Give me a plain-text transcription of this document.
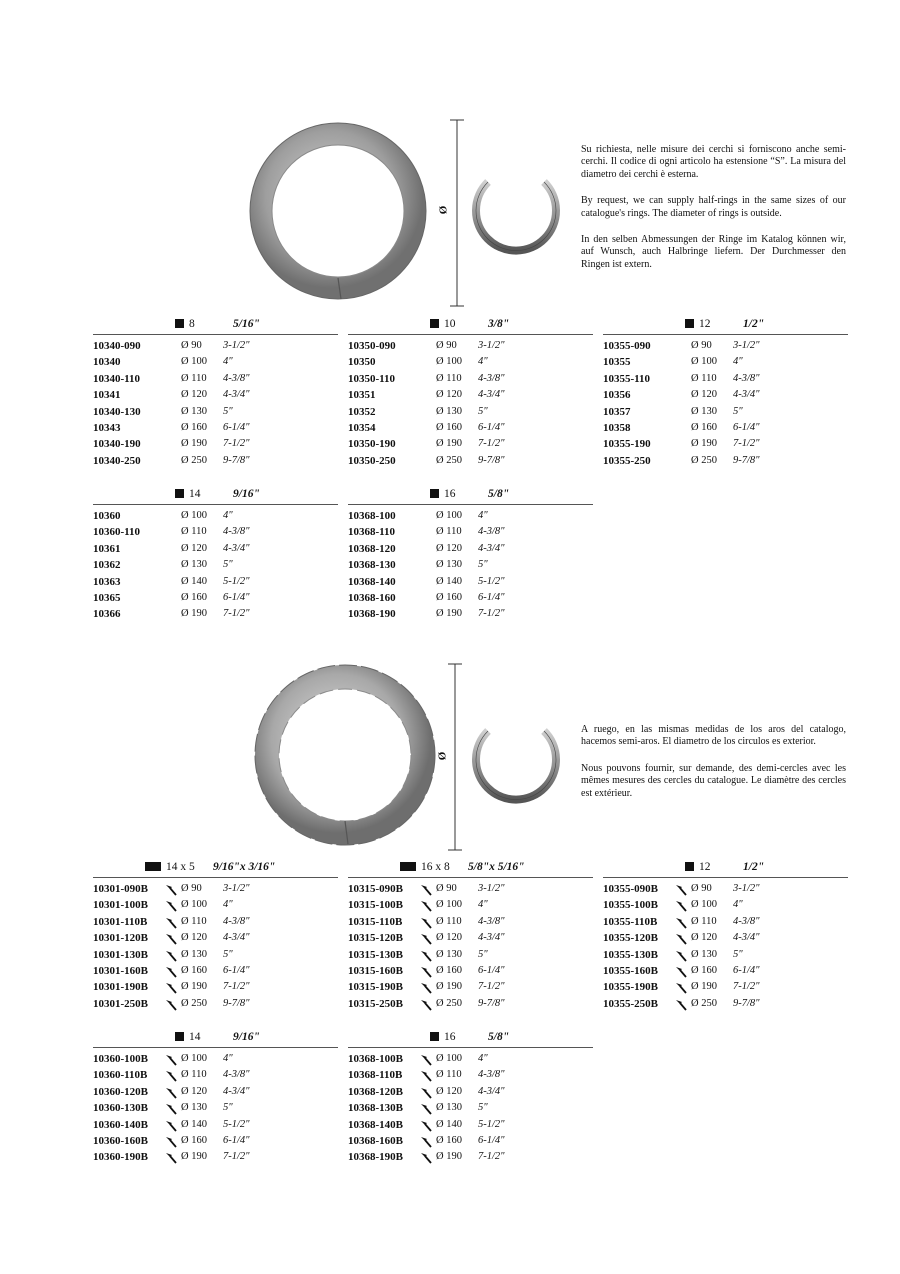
Ø

Su richiesta, nelle misure dei cerchi si forniscono anche semi-cerchi. Il codice di ogni articolo ha estensione “S”. La misura del diametro dei cerchi è esterna.

By request, we can supply half-rings in the same sizes of our catalogue's rings. The diameter of rings is outside.

In den selben Abmessungen der Ringe im Katalog können wir, auf Wunsch, auch Halbringe liefern. Der Durchmesser den Ringen ist extern.

8	5/16"
10340-090	Ø 90 3-1/2"
10340	Ø 100 4"
10340-110	Ø 110 4-3/8"
10341	Ø 120 4-3/4"
10340-130	Ø 130 5"
10343	Ø 160 6-1/4"
10340-190	Ø 190 7-1/2"
10340-250	Ø 250 9-7/8"
10	3/8"
10350-090	Ø 90 3-1/2"
10350	Ø 100 4"
10350-110	Ø 110 4-3/8"
10351	Ø 120 4-3/4"
10352	Ø 130 5"
10354	Ø 160 6-1/4"
10350-190	Ø 190 7-1/2"
10350-250	Ø 250 9-7/8"
12	1/2"
10355-090	Ø 90 3-1/2"
10355	Ø 100 4"
10355-110	Ø 110 4-3/8"
10356	Ø 120 4-3/4"
10357	Ø 130 5"
10358	Ø 160 6-1/4"
10355-190	Ø 190 7-1/2"
10355-250	Ø 250 9-7/8"
14	9/16"
10360	Ø 100 4"
10360-110	Ø 110 4-3/8"
10361	Ø 120 4-3/4"
10362	Ø 130 5"
10363	Ø 140 5-1/2"
10365	Ø 160 6-1/4"
10366	Ø 190 7-1/2"
16	5/8"
10368-100	Ø 100 4"
10368-110	Ø 110 4-3/8"
10368-120	Ø 120 4-3/4"
10368-130	Ø 130 5"
10368-140	Ø 140 5-1/2"
10368-160	Ø 160 6-1/4"
10368-190	Ø 190 7-1/2"
Ø

A ruego, en las mismas medidas de los aros del catalogo, hacemos semi-aros. El diametro de los circulos es exterior.

Nous pouvons fournir, sur demande, des demi-cercles avec les mêmes mesures des cercles du catalogue. Le diamètre des cercles est extérieur.

14 x 5 9/16"x 3/16"
10301-090B	Ø 90 3-1/2"
10301-100B	Ø 100 4"
10301-110B	Ø 110 4-3/8"
10301-120B	Ø 120 4-3/4"
10301-130B	Ø 130 5"
10301-160B	Ø 160 6-1/4"
10301-190B	Ø 190 7-1/2"
10301-250B	Ø 250 9-7/8"
16 x 8 5/8"x 5/16"
10315-090B	Ø 90 3-1/2"
10315-100B	Ø 100 4"
10315-110B	Ø 110 4-3/8"
10315-120B	Ø 120 4-3/4"
10315-130B	Ø 130 5"
10315-160B	Ø 160 6-1/4"
10315-190B	Ø 190 7-1/2"
10315-250B	Ø 250 9-7/8"
12	1/2"
10355-090B	Ø 90 3-1/2"
10355-100B	Ø 100 4"
10355-110B	Ø 110 4-3/8"
10355-120B	Ø 120 4-3/4"
10355-130B	Ø 130 5"
10355-160B	Ø 160 6-1/4"
10355-190B	Ø 190 7-1/2"
10355-250B	Ø 250 9-7/8"
14	9/16"
10360-100B	Ø 100 4"
10360-110B	Ø 110 4-3/8"
10360-120B	Ø 120 4-3/4"
10360-130B	Ø 130 5"
10360-140B	Ø 140 5-1/2"
10360-160B	Ø 160 6-1/4"
10360-190B	Ø 190 7-1/2"
16	5/8"
10368-100B	Ø 100 4"
10368-110B	Ø 110 4-3/8"
10368-120B	Ø 120 4-3/4"
10368-130B	Ø 130 5"
10368-140B	Ø 140 5-1/2"
10368-160B	Ø 160 6-1/4"
10368-190B	Ø 190 7-1/2"
